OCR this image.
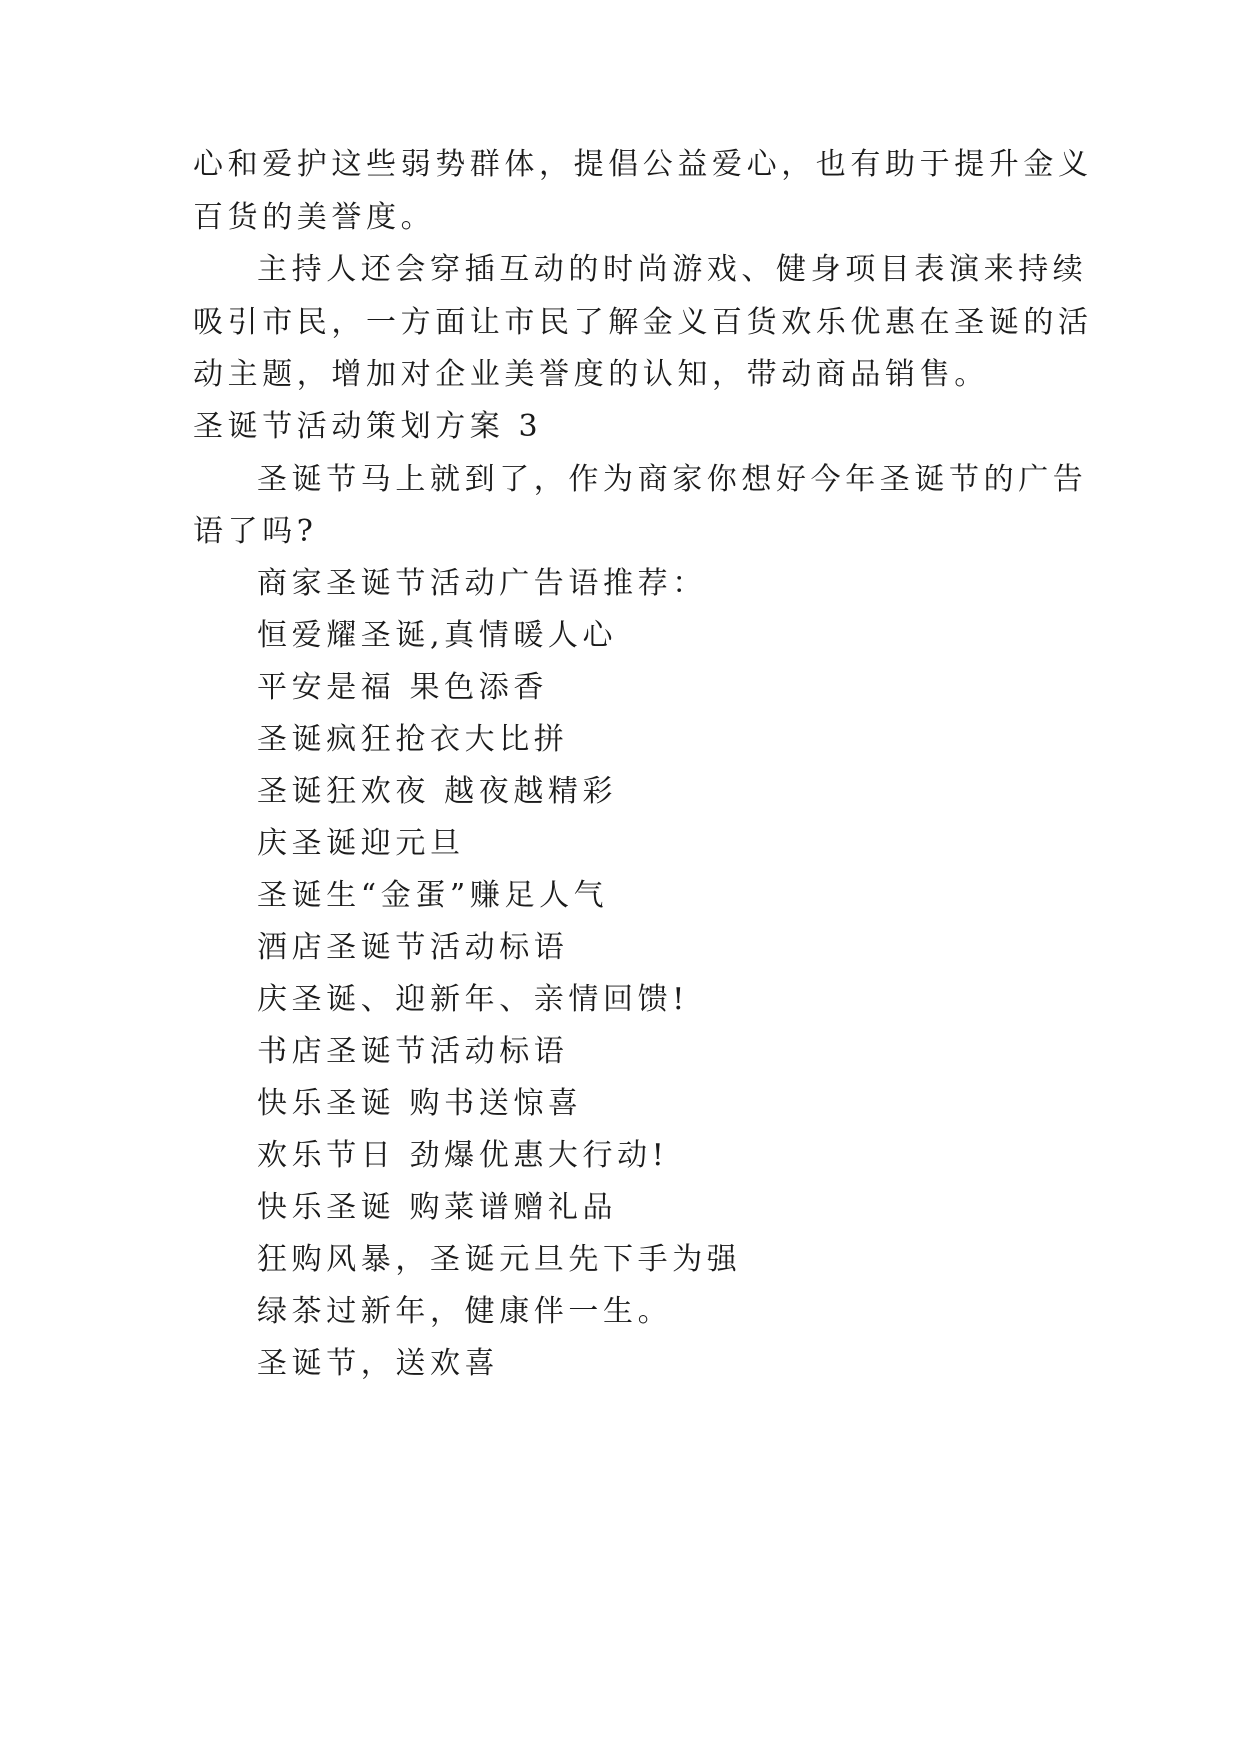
心和爱护这些弱势群体，提倡公益爱心，也有助于提升金义
百货的美誉度。
主持人还会穿插互动的时尚游戏、健身项目表演来持续
吸引市民，一方面让市民了解金义百货欢乐优惠在圣诞的活
动主题，增加对企业美誉度的认知，带动商品销售。
圣诞节活动策划方案 3
圣诞节马上就到了，作为商家你想好今年圣诞节的广告
语了吗?
商家圣诞节活动广告语推荐：
恒爱耀圣诞,真情暖人心
平安是福 果色添香
圣诞疯狂抢衣大比拼
圣诞狂欢夜 越夜越精彩
庆圣诞迎元旦
圣诞生“金蛋”赚足人气
酒店圣诞节活动标语
庆圣诞、迎新年、亲情回馈!
书店圣诞节活动标语
快乐圣诞 购书送惊喜
欢乐节日 劲爆优惠大行动!
快乐圣诞 购菜谱赠礼品
狂购风暴，圣诞元旦先下手为强
绿茶过新年，健康伴一生。
圣诞节，送欢喜
